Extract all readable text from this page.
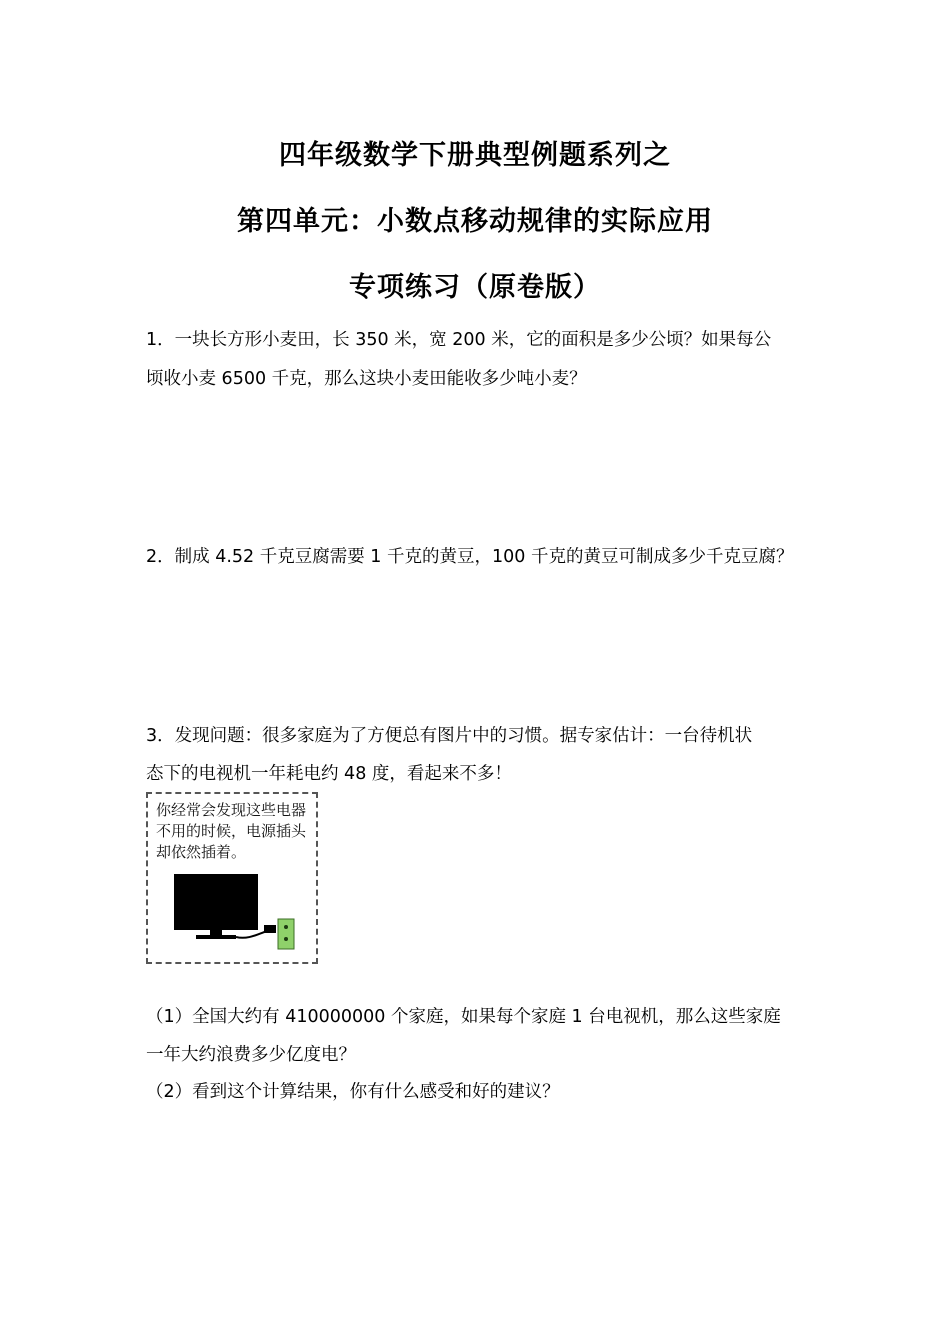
四年级数学下册典型例题系列之
第四单元：小数点移动规律的实际应用
专项练习（原卷版）
1．一块长方形小麦田，长 350 米，宽 200 米，它的面积是多少公顷？如果每公
顷收小麦 6500 千克，那么这块小麦田能收多少吨小麦？
2．制成 4.52 千克豆腐需要 1 千克的黄豆，100 千克的黄豆可制成多少千克豆腐？
3．发现问题：很多家庭为了方便总有图片中的习惯。据专家估计：一台待机状
态下的电视机一年耗电约 48 度，看起来不多！
你经常会发现这些电器不用的时候，电源插头却依然插着。
（1）全国大约有 410000000 个家庭，如果每个家庭 1 台电视机，那么这些家庭
一年大约浪费多少亿度电？
（2）看到这个计算结果，你有什么感受和好的建议？
